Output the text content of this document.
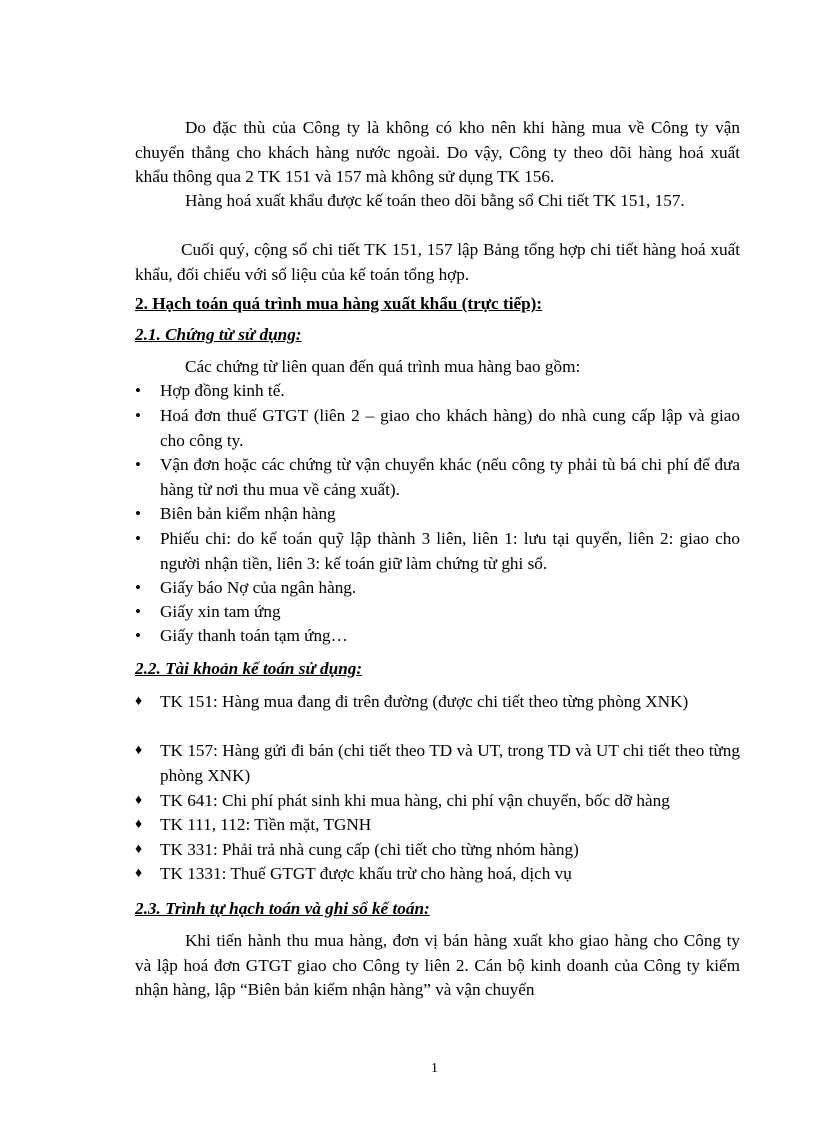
Do đặc thù của Công ty là không có kho nên khi hàng mua về Công ty vận chuyển thẳng cho khách hàng nước ngoài. Do vậy, Công ty theo dõi hàng hoá xuất khẩu thông qua 2 TK 151 và 157 mà không sử dụng TK 156.

Hàng hoá xuất khẩu được kế toán theo dõi bằng sổ Chi tiết TK 151, 157.

Cuối quý, cộng sổ chi tiết TK 151, 157 lập Bảng tổng hợp chi tiết hàng hoá xuất khẩu, đối chiếu với số liệu của kế toán tổng hợp.

2. Hạch toán quá trình mua hàng xuất khẩu (trực tiếp):
2.1. Chứng từ sử dụng:

Các chứng từ liên quan đến quá trình mua hàng bao gồm:

•	Hợp đồng kinh tế.
•	Hoá đơn thuế GTGT (liên 2 – giao cho khách hàng) do nhà cung cấp lập và giao cho công ty.
•	Vận đơn hoặc các chứng từ vận chuyển khác (nếu công ty phải tù bá chi phí để đưa hàng từ nơi thu mua về cảng xuất).
•	Biên bản kiểm nhận hàng
•	Phiếu chi: do kế toán quỹ lập thành 3 liên, liên 1: lưu tại quyển, liên 2: giao cho người nhận tiền, liên 3: kế toán giữ làm chứng từ ghi sổ.
•	Giấy báo Nợ của ngân hàng.
•	Giấy xin tam ứng
•	Giấy thanh toán tạm ứng…
2.2. Tài khoản kế toán sử dụng:
♦	TK 151: Hàng mua đang đi trên đường (được chi tiết theo từng phòng XNK)
♦	TK 157: Hàng gửi đi bán (chi tiết theo TD và UT, trong TD và UT chi tiết theo từng phòng XNK)
♦	TK 641: Chi phí phát sinh khi mua hàng, chi phí vận chuyển, bốc dỡ hàng
♦	TK 111, 112: Tiền mặt, TGNH
♦	TK 331: Phải trả nhà cung cấp (chi tiết cho từng nhóm hàng)
♦	TK 1331: Thuế GTGT được khấu trừ cho hàng hoá, dịch vụ
2.3. Trình tự hạch toán và ghi sổ kế toán:

Khi tiến hành thu mua hàng, đơn vị bán hàng xuất kho giao hàng cho Công ty và lập hoá đơn GTGT giao cho Công ty liên 2. Cán bộ kinh doanh của Công ty kiểm nhận hàng, lập “Biên bản kiểm nhận hàng” và vận chuyển

1
